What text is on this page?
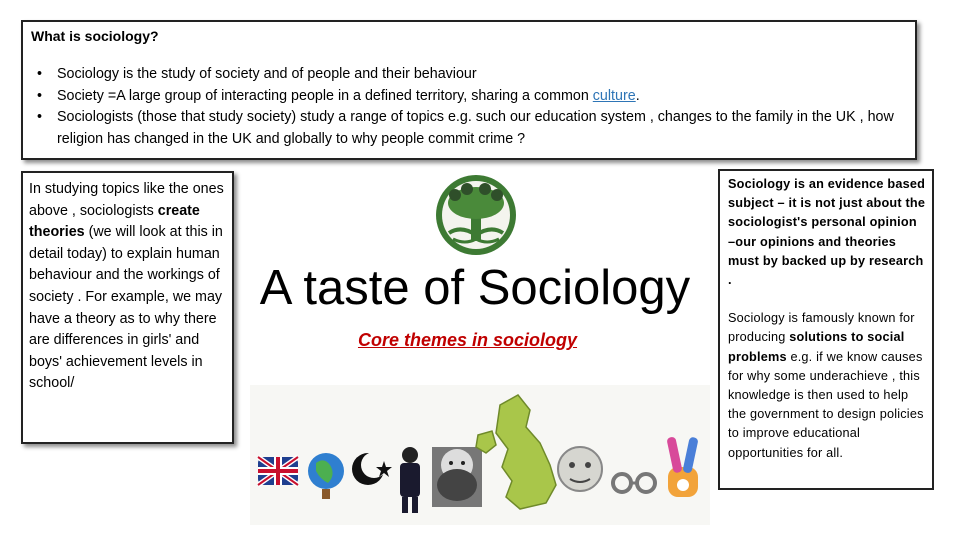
What is sociology?
• Sociology is the study of society and of people and their behaviour
• Society =A large group of interacting people in a defined territory, sharing a common culture.
• Sociologists (those that study society) study a range of topics e.g. such our education system , changes to the family in the UK , how religion has changed in the UK and globally to why people commit crime ?

In studying topics like the ones above , sociologists create theories (we will look at this in detail today) to explain human behaviour and the workings of society . For example, we may have a theory as to why there are differences in girls' and boys' achievement levels in school/

A taste of Sociology
Core themes in sociology

Sociology is an evidence based subject – it is not just about the sociologist's personal opinion –our opinions and theories must by backed up by research .

Sociology is famously known for producing solutions to social problems e.g. if we know causes for why some underachieve , this knowledge is then used to help the government to design policies to improve educational opportunities for all.
